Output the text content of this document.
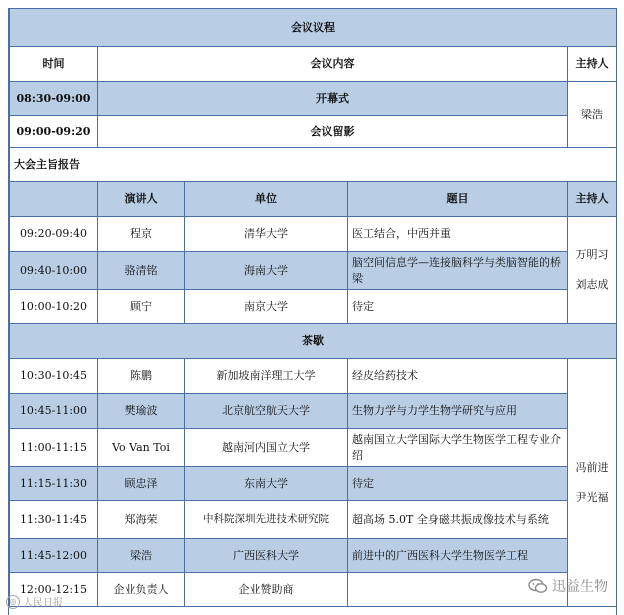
会议议程				
时间	会议内容			主持人
08:30-09:00	开幕式			梁浩
09:00-09:20	会议留影			
大会主旨报告				
	演讲人	单位	题目	主持人
09:20-09:40	程京	清华大学	医工结合，中西并重	万明习
刘志成

09:40-10:00	骆清铭	海南大学	脑空间信息学—连接脑科学与类脑智能的桥梁	
10:00-10:20	顾宁	南京大学	待定	
茶歇				
10:30-10:45	陈鹏	新加坡南洋理工大学	经皮给药技术	冯前进
尹光福

10:45-11:00	樊瑜波	北京航空航天大学	生物力学与力学生物学研究与应用	
11:00-11:15	Vo Van Toi	越南河内国立大学	越南国立大学国际大学生物医学工程专业介绍	
11:15-11:30	顾忠泽	东南大学	待定	
11:30-11:45	郑海荣	中科院深圳先进技术研究院	超高场 5.0T 全身磁共振成像技术与系统	
11:45-12:00	梁浩	广西医科大学	前进中的广西医科大学生物医学工程	
12:00-12:15	企业负责人	企业赞助商		
◎ 人民日报
迅益生物
